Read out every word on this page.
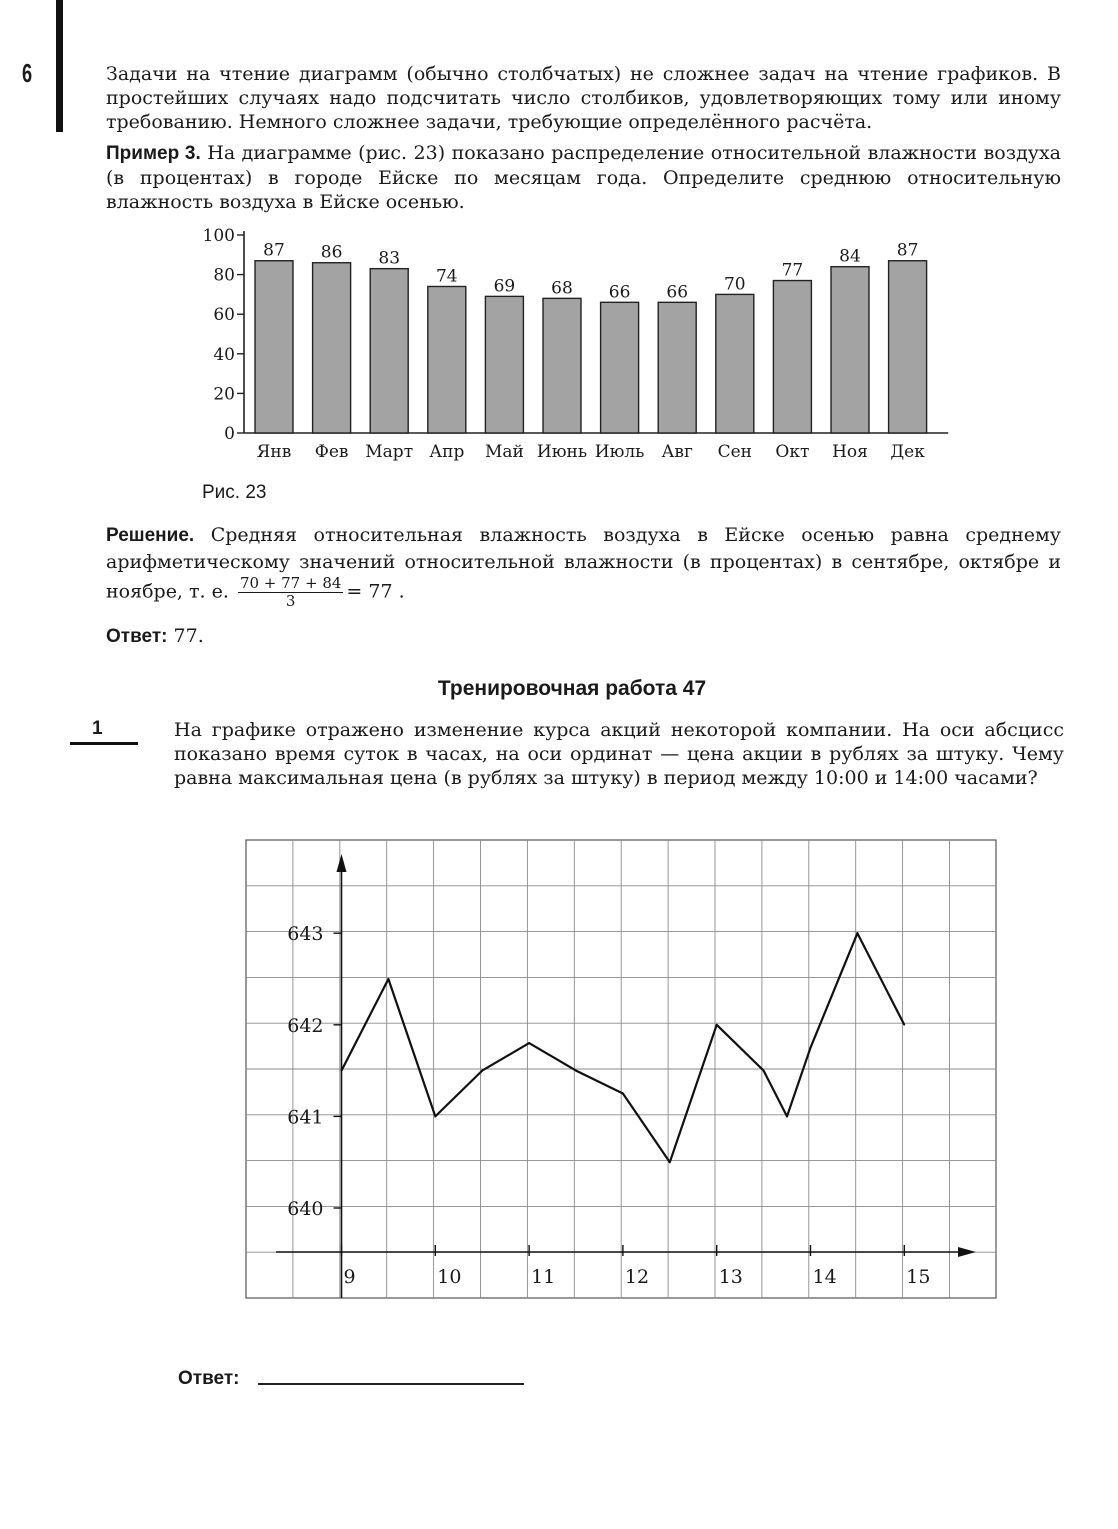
6	Задачи на чтение диаграмм (обычно столбчатых) не сложнее задач на чтение графиков. В простейших случаях надо подсчитать число столбиков, удовлетворяющих тому или иному требованию. Немного сложнее задачи, требующие определённого расчёта.

Пример 3. На диаграмме (рис. 23) показано распределение относительной влажности воздуха (в процентах) в городе Ейске по месяцам года. Определите среднюю относительную влажность воздуха в Ейске осенью.

0
20
40
60
80
100
87
Янв
86
Фев
83
Март
74
Апр
69
Май
68
Июнь
66
Июль
66
Авг
70
Сен
77
Окт
84
Ноя
87
Дек
Рис. 23

Решение. Средняя относительная влажность воздуха в Ейске осенью равна среднему арифметическому значений относительной влажности (в процентах) в сентябре, октябре и ноябре, т. е. $\frac{70 + 77 + 84}{3} = 77$ .

Ответ: 77.

Тренировочная работа 47
1	На графике отражено изменение курса акций некоторой компании. На оси абсцисс показано время суток в часах, на оси ординат — цена акции в рублях за штуку. Чему равна максимальная цена (в рублях за штуку) в период между 10:00 и 14:00 часами?

640
641
642
643
9	10	11	12	13	14	15
Ответ:
